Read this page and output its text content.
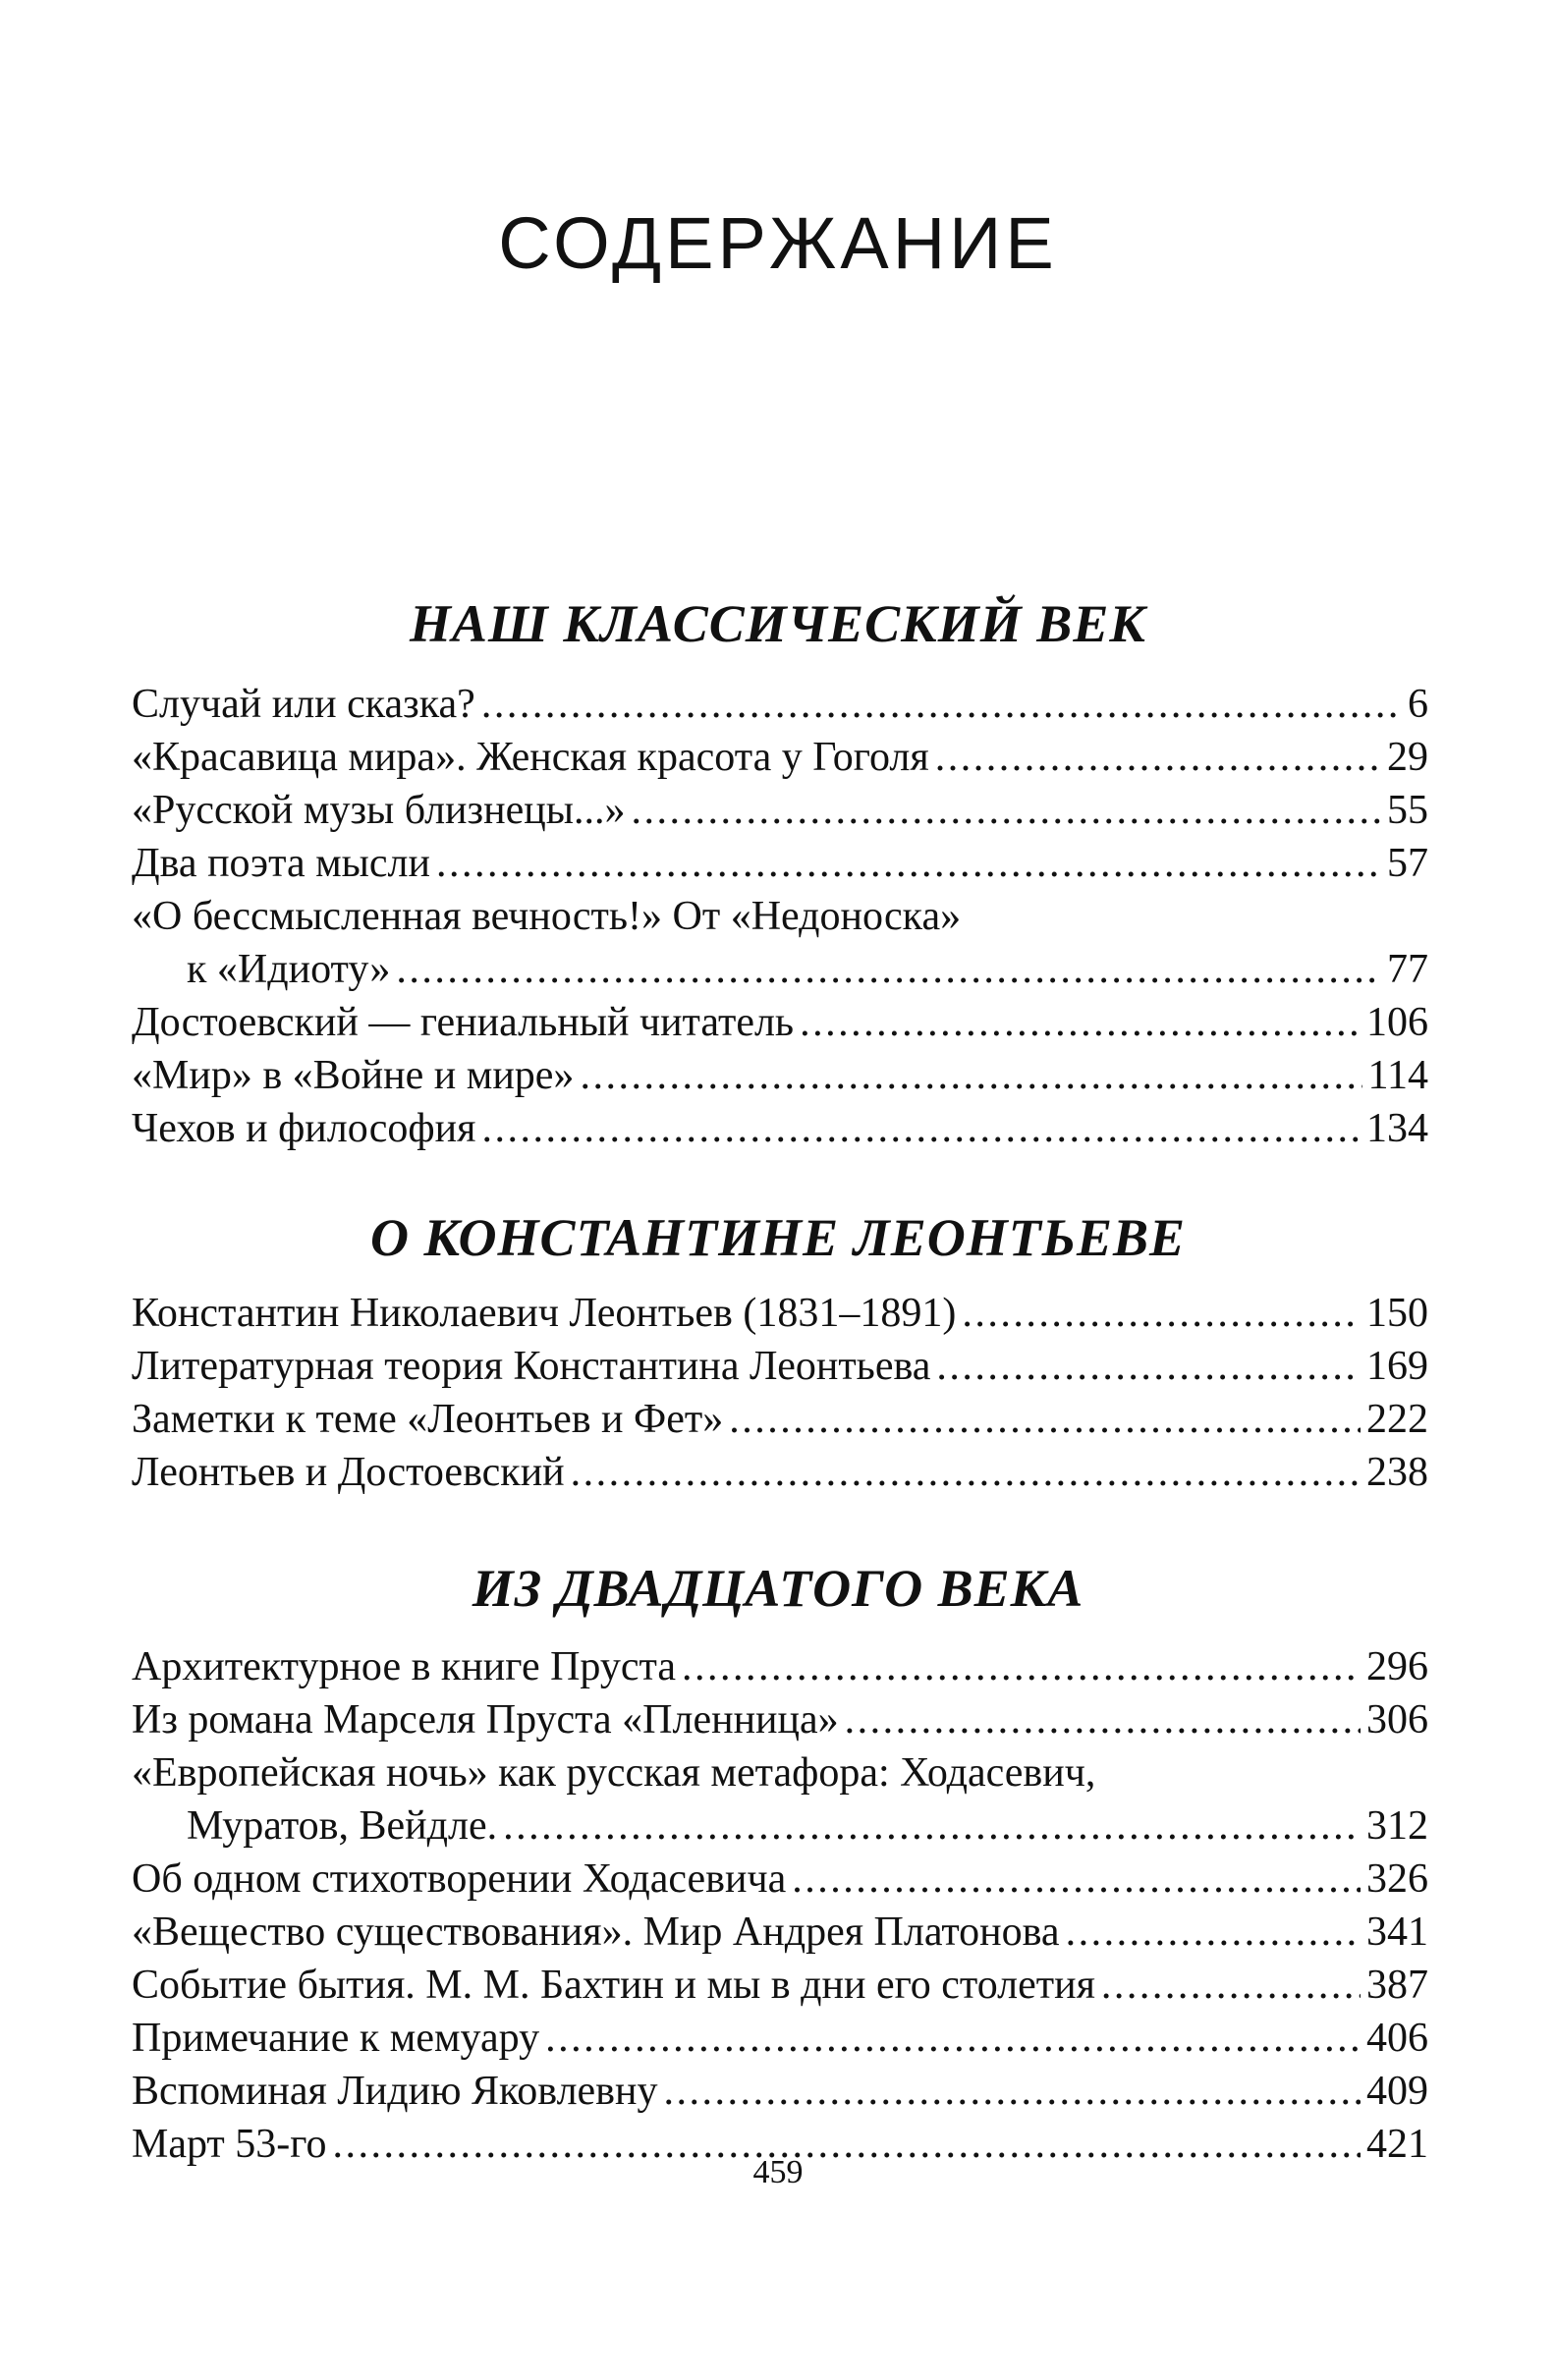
СОДЕРЖАНИЕ
НАШ КЛАССИЧЕСКИЙ ВЕК
Случай или сказка? . . .	6
«Красавица мира». Женская красота у Гоголя . . .	29
«Русской музы близнецы...» . . .	55
Два поэта мысли . . .	57
«О бессмысленная вечность!» От «Недоноска»
к «Идиоту» . . .	77
Достоевский — гениальный читатель . . .	106
«Мир» в «Войне и мире» . . .	114
Чехов и философия . . .	134
О КОНСТАНТИНЕ ЛЕОНТЬЕВЕ
Константин Николаевич Леонтьев (1831–1891) . . .	150
Литературная теория Константина Леонтьева . . .	169
Заметки к теме «Леонтьев и Фет» . . .	222
Леонтьев и Достоевский . . .	238
ИЗ ДВАДЦАТОГО ВЕКА
Архитектурное в книге Пруста . . .	296
Из романа Марселя Пруста «Пленница» . . .	306
«Европейская ночь» как русская метафора: Ходасевич,
Муратов, Вейдле. . . .	312
Об одном стихотворении Ходасевича . . .	326
«Вещество существования». Мир Андрея Платонова . . .	341
Событие бытия. М. М. Бахтин и мы в дни его столетия . . .	387
Примечание к мемуару . . .	406
Вспоминая Лидию Яковлевну . . .	409
Март 53-го . . .	421
459
